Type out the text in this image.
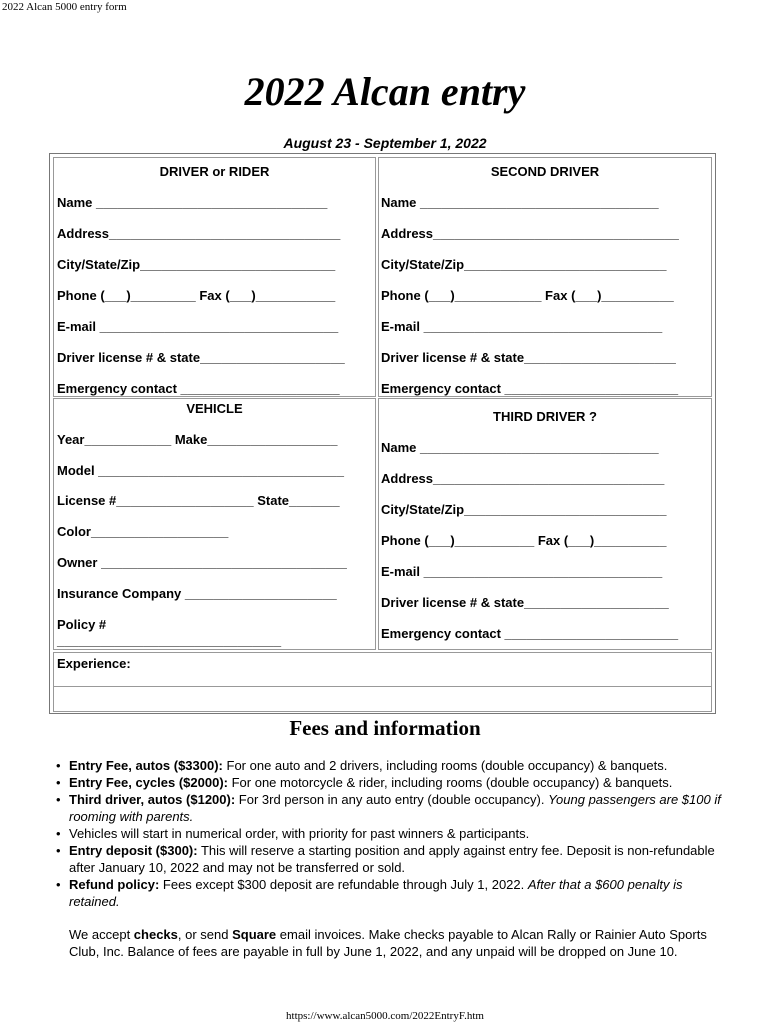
2022 Alcan 5000 entry form
2022 Alcan entry
August 23 - September 1, 2022
DRIVER or RIDER
Name ________________________________
Address________________________________
City/State/Zip___________________________
Phone (___)_________ Fax (___)___________
E-mail _________________________________
Driver license # & state____________________
Emergency contact ______________________
SECOND DRIVER
Name _________________________________
Address__________________________________
City/State/Zip____________________________
Phone (___)____________ Fax (___)__________
E-mail _________________________________
Driver license # & state_____________________
Emergency contact ________________________
VEHICLE
Year____________ Make__________________
Model __________________________________
License #___________________ State_______
Color___________________
Owner __________________________________
Insurance Company _____________________
Policy #
_______________________________
THIRD DRIVER ?
Name _________________________________
Address________________________________
City/State/Zip____________________________
Phone (___)___________ Fax (___)__________
E-mail _________________________________
Driver license # & state____________________
Emergency contact ________________________
Experience:
Fees and information
• Entry Fee, autos ($3300): For one auto and 2 drivers, including rooms (double occupancy) & banquets.
• Entry Fee, cycles ($2000): For one motorcycle & rider, including rooms (double occupancy) & banquets.
• Third driver, autos ($1200): For 3rd person in any auto entry (double occupancy). Young passengers are $100 if rooming with parents.
• Vehicles will start in numerical order, with priority for past winners & participants.
• Entry deposit ($300): This will reserve a starting position and apply against entry fee. Deposit is non-refundable after January 10, 2022 and may not be transferred or sold.
• Refund policy: Fees except $300 deposit are refundable through July 1, 2022. After that a $600 penalty is retained.
We accept checks, or send Square email invoices. Make checks payable to Alcan Rally or Rainier Auto Sports Club, Inc. Balance of fees are payable in full by June 1, 2022, and any unpaid will be dropped on June 10.
https://www.alcan5000.com/2022EntryF.htm
